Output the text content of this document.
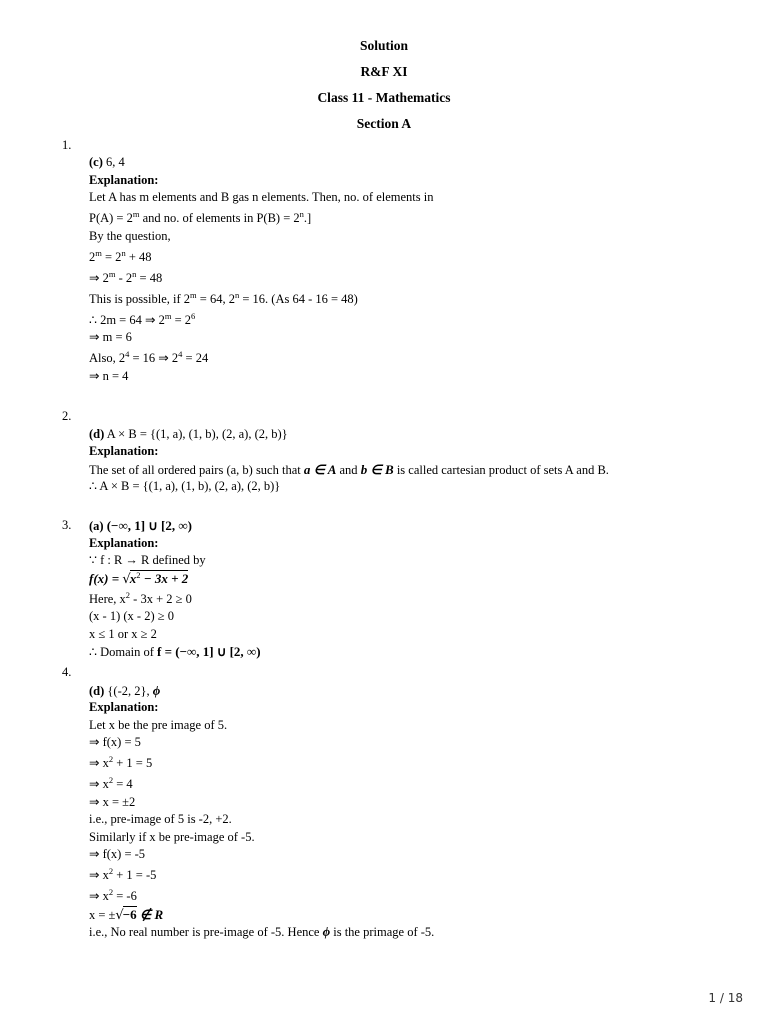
Solution
R&F XI
Class 11 - Mathematics
Section A
1.
(c) 6, 4
Explanation:
Let A has m elements and B gas n elements. Then, no. of elements in
$P(A) = 2^m$ and no. of elements in $P(B) = 2^n$.]
By the question,
$2^m = 2^n + 48$
⇒ $2^m - 2^n = 48$
This is possible, if $2^m = 64$, $2^n = 16$. (As 64 - 16 = 48)
∴ 2m = 64 ⇒ $2^m = 2^6$
⇒ m = 6
Also, $2^4 = 16$ ⇒ $2^4 = 24$
⇒ n = 4
2.
(d) A × B = {(1, a), (1, b), (2, a), (2, b)}
Explanation:
The set of all ordered pairs (a, b) such that a ∈ A and b ∈ B is called cartesian product of sets A and B.
∴ A × B = {(1, a), (1, b), (2, a), (2, b)}
3. (a) (−∞, 1] ∪ [2, ∞)
Explanation:
∵ f : R → R defined by
$f(x) = √x^2 - 3x + 2$
Here, $x^2 - 3x + 2 \ge 0$
(x - 1) (x - 2) ≥ 0
x ≤ 1 or x ≥ 2
∴ Domain of f = (−∞, 1] ∪ [2, ∞)
4.
(d) {(-2, 2}, ϕ
Explanation:
Let x be the pre image of 5.
⇒ f(x) = 5
⇒ $x^2 + 1 = 5$
⇒ $x^2 = 4$
⇒ x = ±2
i.e., pre-image of 5 is -2, +2.
Similarly if x be pre-image of -5.
⇒ f(x) = -5
⇒ $x^2 + 1 = -5$
⇒ $x^2 = -6$
x = ±√−6 ∉ R
i.e., No real number is pre-image of -5. Hence ϕ is the primage of -5.
1 / 18
